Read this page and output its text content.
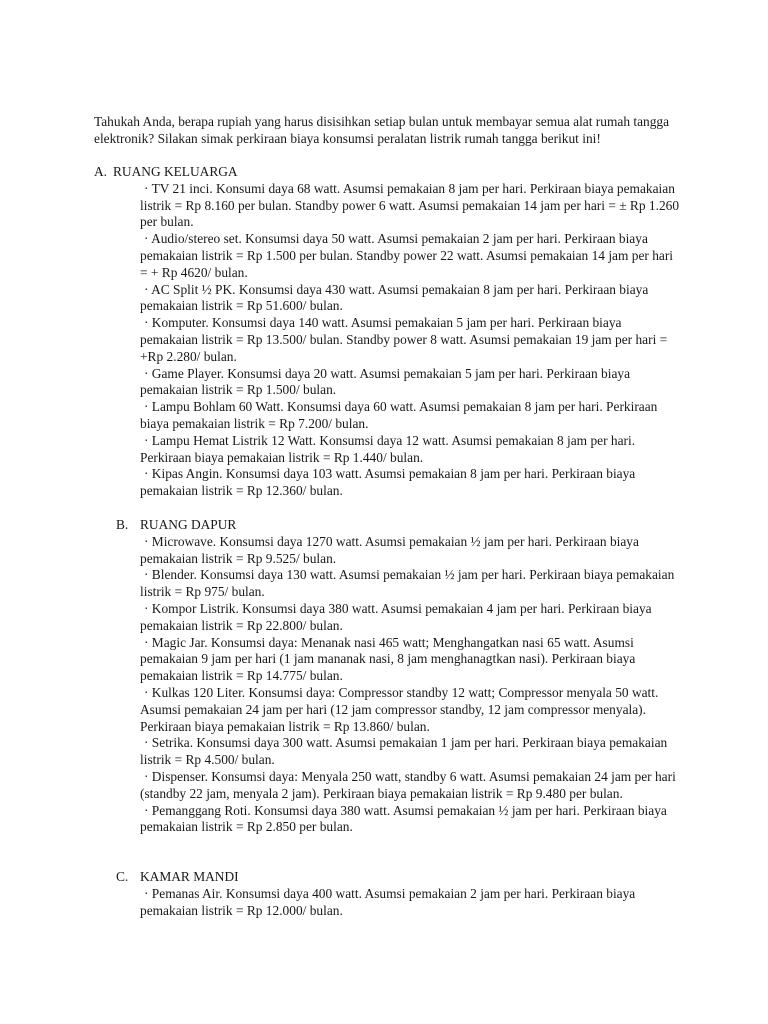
Tahukah Anda, berapa rupiah yang harus disisihkan setiap bulan untuk membayar semua alat rumah tangga elektronik? Silakan simak perkiraan biaya konsumsi peralatan listrik rumah tangga berikut ini!

A. RUANG KELUARGA
· TV 21 inci. Konsumi daya 68 watt. Asumsi pemakaian 8 jam per hari. Perkiraan biaya pemakaian listrik = Rp 8.160 per bulan. Standby power 6 watt. Asumsi pemakaian 14 jam per hari = ± Rp 1.260 per bulan.
· Audio/stereo set. Konsumsi daya 50 watt. Asumsi pemakaian 2 jam per hari. Perkiraan biaya pemakaian listrik = Rp 1.500 per bulan. Standby power 22 watt. Asumsi pemakaian 14 jam per hari = + Rp 4620/ bulan.
· AC Split ½ PK. Konsumsi daya 430 watt. Asumsi pemakaian 8 jam per hari. Perkiraan biaya pemakaian listrik = Rp 51.600/ bulan.
· Komputer. Konsumsi daya 140 watt. Asumsi pemakaian 5 jam per hari. Perkiraan biaya pemakaian listrik = Rp 13.500/ bulan. Standby power 8 watt. Asumsi pemakaian 19 jam per hari = +Rp 2.280/ bulan.
· Game Player. Konsumsi daya 20 watt. Asumsi pemakaian 5 jam per hari. Perkiraan biaya pemakaian listrik = Rp 1.500/ bulan.
· Lampu Bohlam 60 Watt. Konsumsi daya 60 watt. Asumsi pemakaian 8 jam per hari. Perkiraan biaya pemakaian listrik = Rp 7.200/ bulan.
· Lampu Hemat Listrik 12 Watt. Konsumsi daya 12 watt. Asumsi pemakaian 8 jam per hari. Perkiraan biaya pemakaian listrik = Rp 1.440/ bulan.
· Kipas Angin. Konsumsi daya 103 watt. Asumsi pemakaian 8 jam per hari. Perkiraan biaya pemakaian listrik = Rp 12.360/ bulan.
B. RUANG DAPUR
· Microwave. Konsumsi daya 1270 watt. Asumsi pemakaian ½ jam per hari. Perkiraan biaya pemakaian listrik = Rp 9.525/ bulan.
· Blender. Konsumsi daya 130 watt. Asumsi pemakaian ½ jam per hari. Perkiraan biaya pemakaian listrik = Rp 975/ bulan.
· Kompor Listrik. Konsumsi daya 380 watt. Asumsi pemakaian 4 jam per hari. Perkiraan biaya pemakaian listrik = Rp 22.800/ bulan.
· Magic Jar. Konsumsi daya: Menanak nasi 465 watt; Menghangatkan nasi 65 watt. Asumsi pemakaian 9 jam per hari (1 jam mananak nasi, 8 jam menghanagtkan nasi). Perkiraan biaya pemakaian listrik = Rp 14.775/ bulan.
· Kulkas 120 Liter. Konsumsi daya: Compressor standby 12 watt; Compressor menyala 50 watt. Asumsi pemakaian 24 jam per hari (12 jam compressor standby, 12 jam compressor menyala). Perkiraan biaya pemakaian listrik = Rp 13.860/ bulan.
· Setrika. Konsumsi daya 300 watt. Asumsi pemakaian 1 jam per hari. Perkiraan biaya pemakaian listrik = Rp 4.500/ bulan.
· Dispenser. Konsumsi daya: Menyala 250 watt, standby 6 watt. Asumsi pemakaian 24 jam per hari (standby 22 jam, menyala 2 jam). Perkiraan biaya pemakaian listrik = Rp 9.480 per bulan.
· Pemanggang Roti. Konsumsi daya 380 watt. Asumsi pemakaian ½ jam per hari. Perkiraan biaya pemakaian listrik = Rp 2.850 per bulan.
C. KAMAR MANDI
· Pemanas Air. Konsumsi daya 400 watt. Asumsi pemakaian 2 jam per hari. Perkiraan biaya pemakaian listrik = Rp 12.000/ bulan.
